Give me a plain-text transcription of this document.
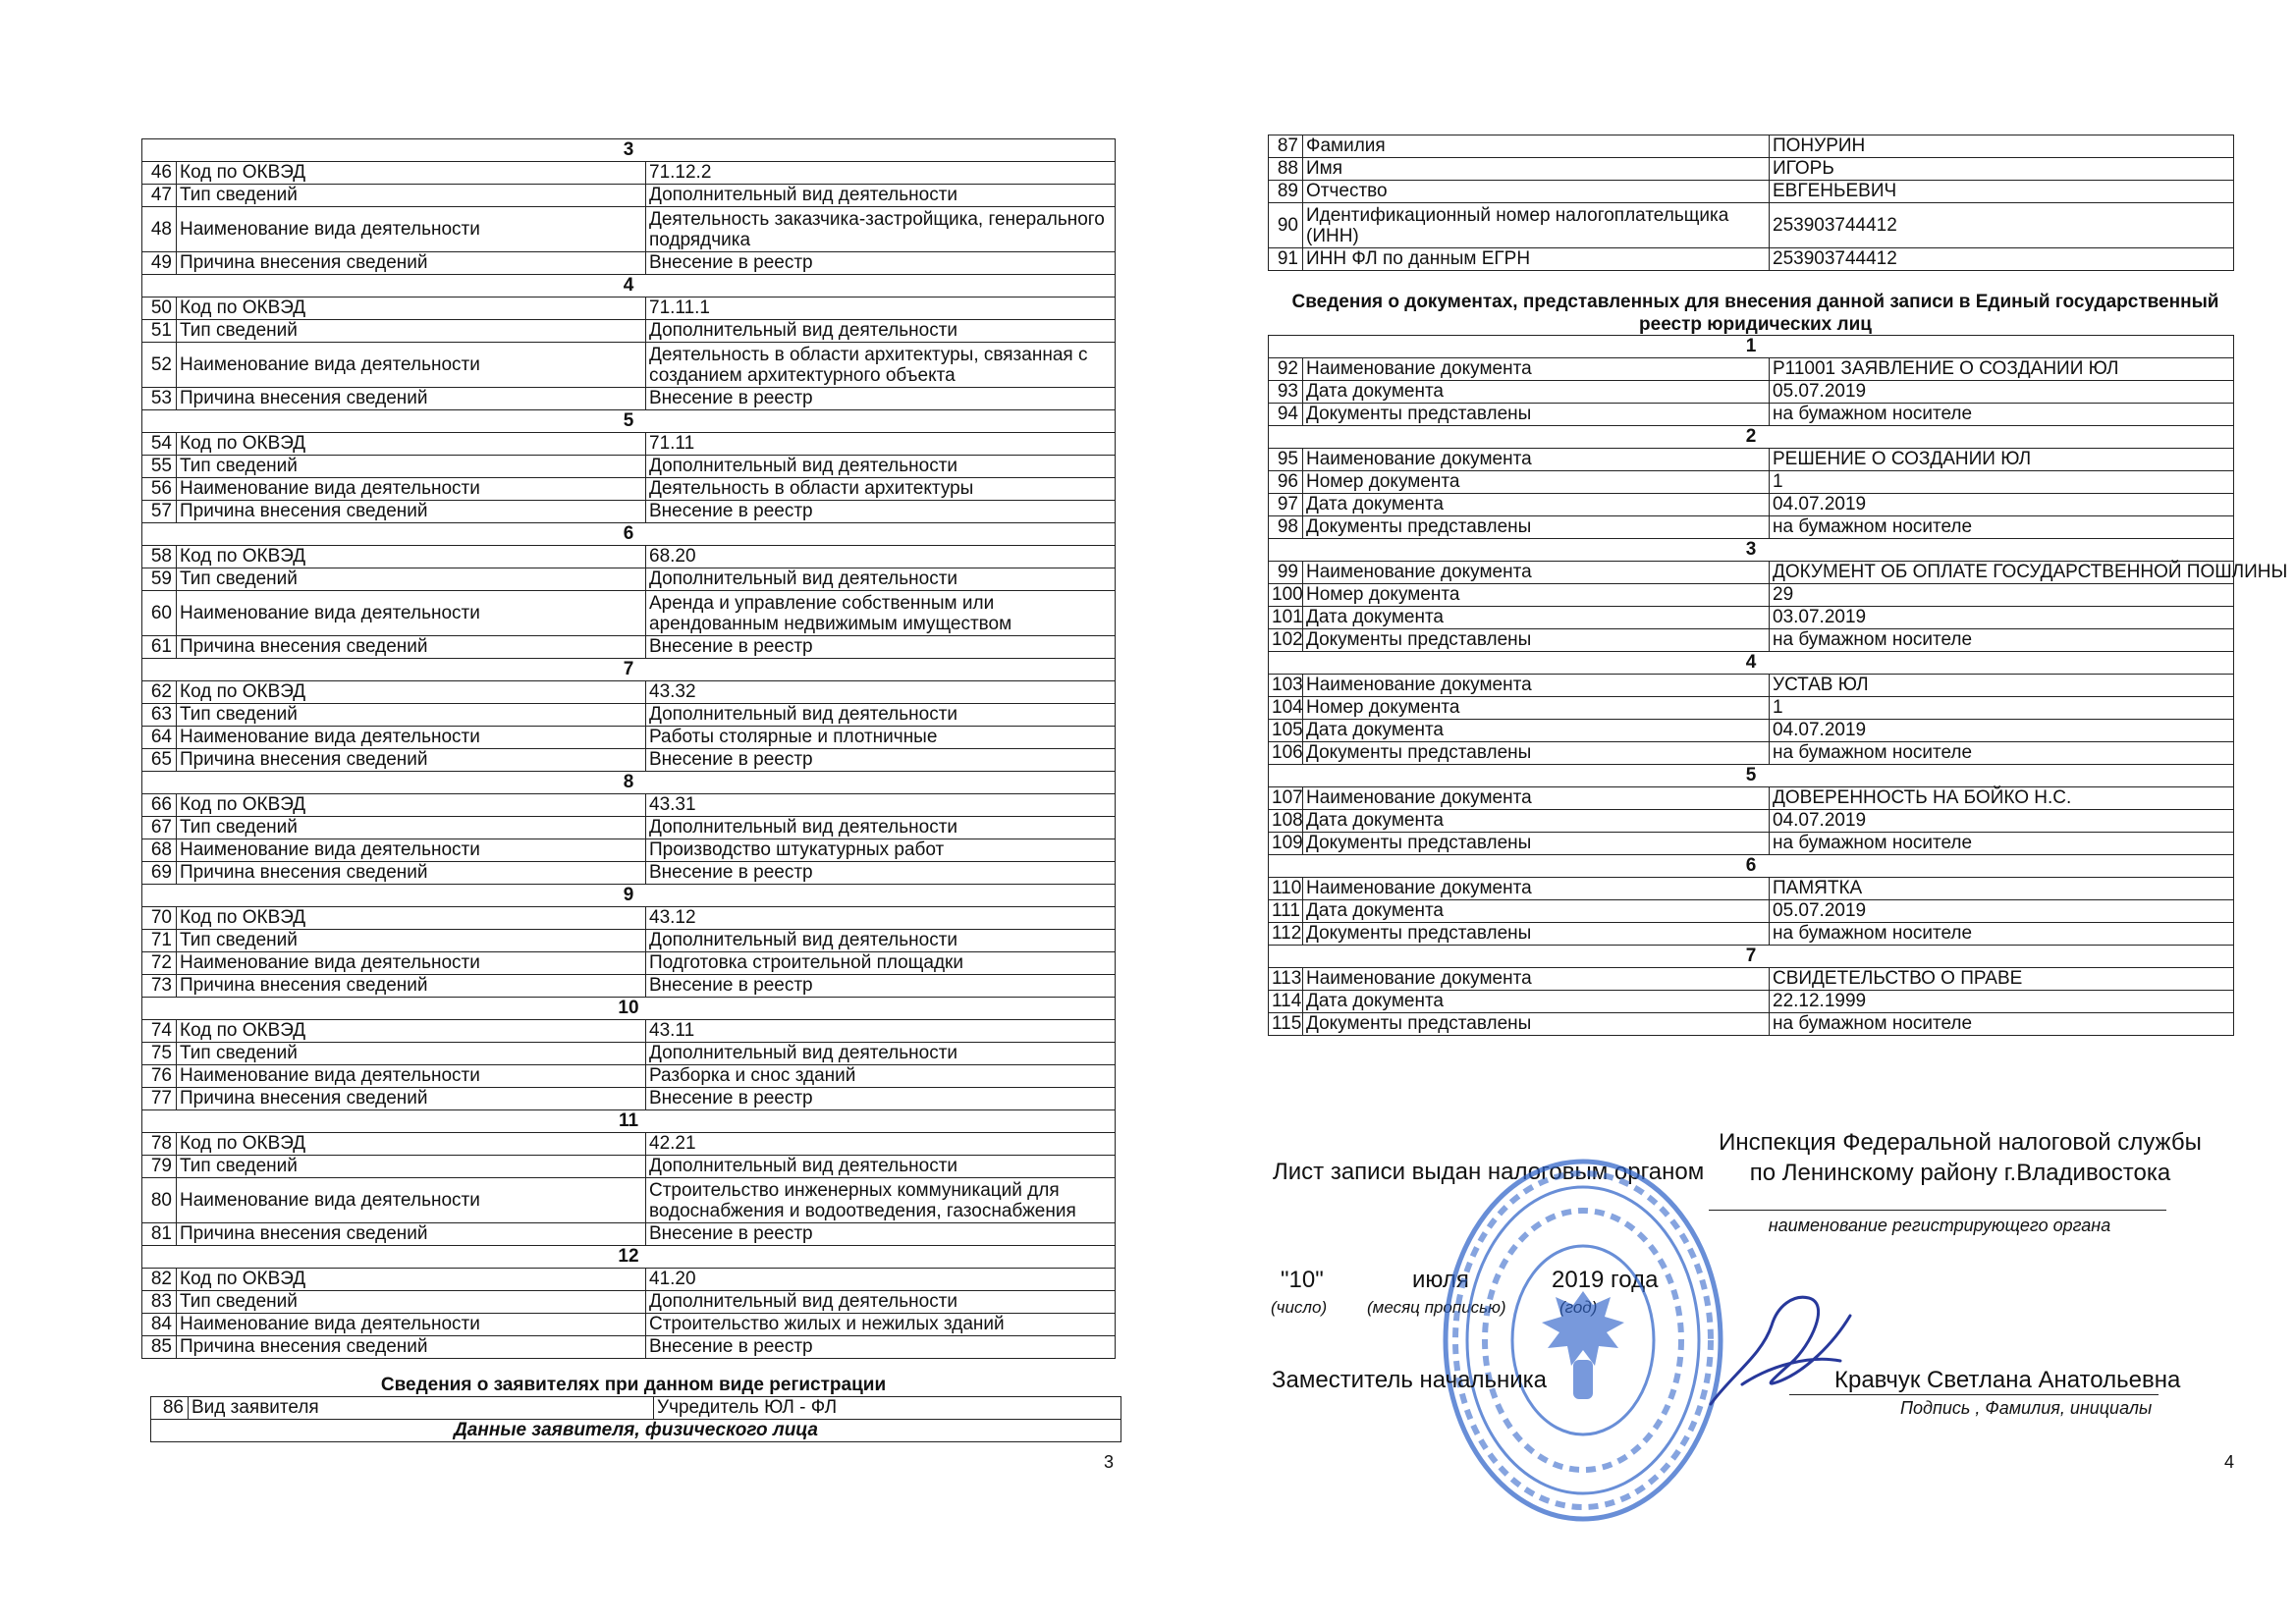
3		
46	Код по ОКВЭД	71.12.2
47	Тип сведений	Дополнительный вид деятельности
48	Наименование вида деятельности	Деятельность заказчика-застройщика, генерального подрядчика
49	Причина внесения сведений	Внесение в реестр
4		
50	Код по ОКВЭД	71.11.1
51	Тип сведений	Дополнительный вид деятельности
52	Наименование вида деятельности	Деятельность в области архитектуры, связанная с созданием архитектурного объекта
53	Причина внесения сведений	Внесение в реестр
5		
54	Код по ОКВЭД	71.11
55	Тип сведений	Дополнительный вид деятельности
56	Наименование вида деятельности	Деятельность в области архитектуры
57	Причина внесения сведений	Внесение в реестр
6		
58	Код по ОКВЭД	68.20
59	Тип сведений	Дополнительный вид деятельности
60	Наименование вида деятельности	Аренда и управление собственным или арендованным недвижимым имуществом
61	Причина внесения сведений	Внесение в реестр
7		
62	Код по ОКВЭД	43.32
63	Тип сведений	Дополнительный вид деятельности
64	Наименование вида деятельности	Работы столярные и плотничные
65	Причина внесения сведений	Внесение в реестр
8		
66	Код по ОКВЭД	43.31
67	Тип сведений	Дополнительный вид деятельности
68	Наименование вида деятельности	Производство штукатурных работ
69	Причина внесения сведений	Внесение в реестр
9		
70	Код по ОКВЭД	43.12
71	Тип сведений	Дополнительный вид деятельности
72	Наименование вида деятельности	Подготовка строительной площадки
73	Причина внесения сведений	Внесение в реестр
10		
74	Код по ОКВЭД	43.11
75	Тип сведений	Дополнительный вид деятельности
76	Наименование вида деятельности	Разборка и снос зданий
77	Причина внесения сведений	Внесение в реестр
11		
78	Код по ОКВЭД	42.21
79	Тип сведений	Дополнительный вид деятельности
80	Наименование вида деятельности	Строительство инженерных коммуникаций для водоснабжения и водоотведения, газоснабжения
81	Причина внесения сведений	Внесение в реестр
12		
82	Код по ОКВЭД	41.20
83	Тип сведений	Дополнительный вид деятельности
84	Наименование вида деятельности	Строительство жилых и нежилых зданий
85	Причина внесения сведений	Внесение в реестр
Сведения о заявителях при данном виде регистрации
86	Вид заявителя	Учредитель ЮЛ - ФЛ
Данные заявителя, физического лица
3
87	Фамилия	ПОНУРИН
88	Имя	ИГОРЬ
89	Отчество	ЕВГЕНЬЕВИЧ
90	Идентификационный номер налогоплательщика (ИНН)	253903744412
91	ИНН ФЛ по данным ЕГРН	253903744412
Сведения о документах, представленных для внесения данной записи в Единый государственный реестр юридических лиц
1		
92	Наименование документа	Р11001 ЗАЯВЛЕНИЕ О СОЗДАНИИ ЮЛ
93	Дата документа	05.07.2019
94	Документы представлены	на бумажном носителе
2		
95	Наименование документа	РЕШЕНИЕ О СОЗДАНИИ ЮЛ
96	Номер документа	1
97	Дата документа	04.07.2019
98	Документы представлены	на бумажном носителе
3		
99	Наименование документа	ДОКУМЕНТ ОБ ОПЛАТЕ ГОСУДАРСТВЕННОЙ ПОШЛИНЫ
100	Номер документа	29
101	Дата документа	03.07.2019
102	Документы представлены	на бумажном носителе
4		
103	Наименование документа	УСТАВ ЮЛ
104	Номер документа	1
105	Дата документа	04.07.2019
106	Документы представлены	на бумажном носителе
5		
107	Наименование документа	ДОВЕРЕННОСТЬ НА БОЙКО Н.С.
108	Дата документа	04.07.2019
109	Документы представлены	на бумажном носителе
6		
110	Наименование документа	ПАМЯТКА
111	Дата документа	05.07.2019
112	Документы представлены	на бумажном носителе
7		
113	Наименование документа	СВИДЕТЕЛЬСТВО О ПРАВЕ
114	Дата документа	22.12.1999
115	Документы представлены	на бумажном носителе
Лист записи выдан налоговым органом
Инспекция Федеральной налоговой службы по Ленинскому району г.Владивостока
наименование регистрирующего органа
"10"	июля	2019 года
(число) (месяц прописью)
Заместитель начальника	Кравчук Светлана Анатольевна
Подпись , Фамилия, инициалы
4
